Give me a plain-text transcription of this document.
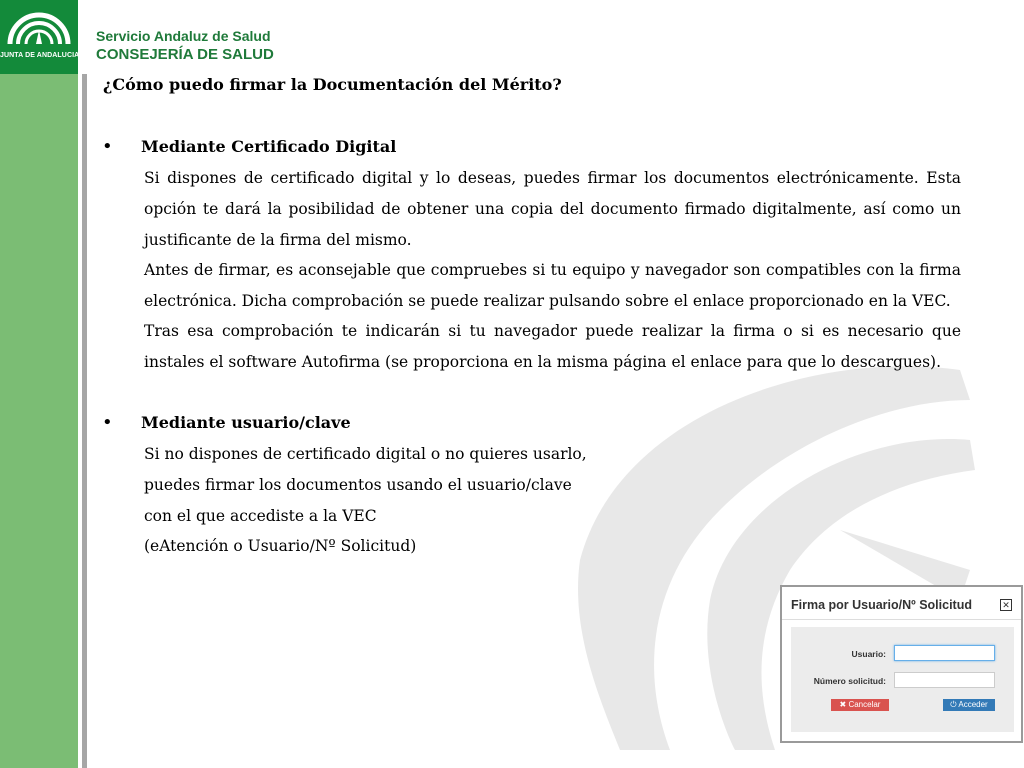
JUNTA DE ANDALUCIA
Servicio Andaluz de Salud
CONSEJERÍA DE SALUD
¿Cómo puedo firmar la Documentación del Mérito?
• Mediante Certificado Digital

Si dispones de certificado digital y lo deseas, puedes firmar los documentos electrónicamente. Esta opción te dará la posibilidad de obtener una copia del documento firmado digitalmente, así como un justificante de la firma del mismo.

Antes de firmar, es aconsejable que compruebes si tu equipo y navegador son compatibles con la firma electrónica. Dicha comprobación se puede realizar pulsando sobre el enlace proporcionado en la VEC.

Tras esa comprobación te indicarán si tu navegador puede realizar la firma o si es necesario que instales el software Autofirma (se proporciona en la misma página el enlace para que lo descargues).

• Mediante usuario/clave
Si no dispones de certificado digital o no quieres usarlo,
puedes firmar los documentos usando el usuario/clave
con el que accediste a la VEC
(eAtención o Usuario/Nº Solicitud)
Firma por Usuario/Nº Solicitud	✕
Usuario:
Número solicitud:
✖ Cancelar	⏻ Acceder
